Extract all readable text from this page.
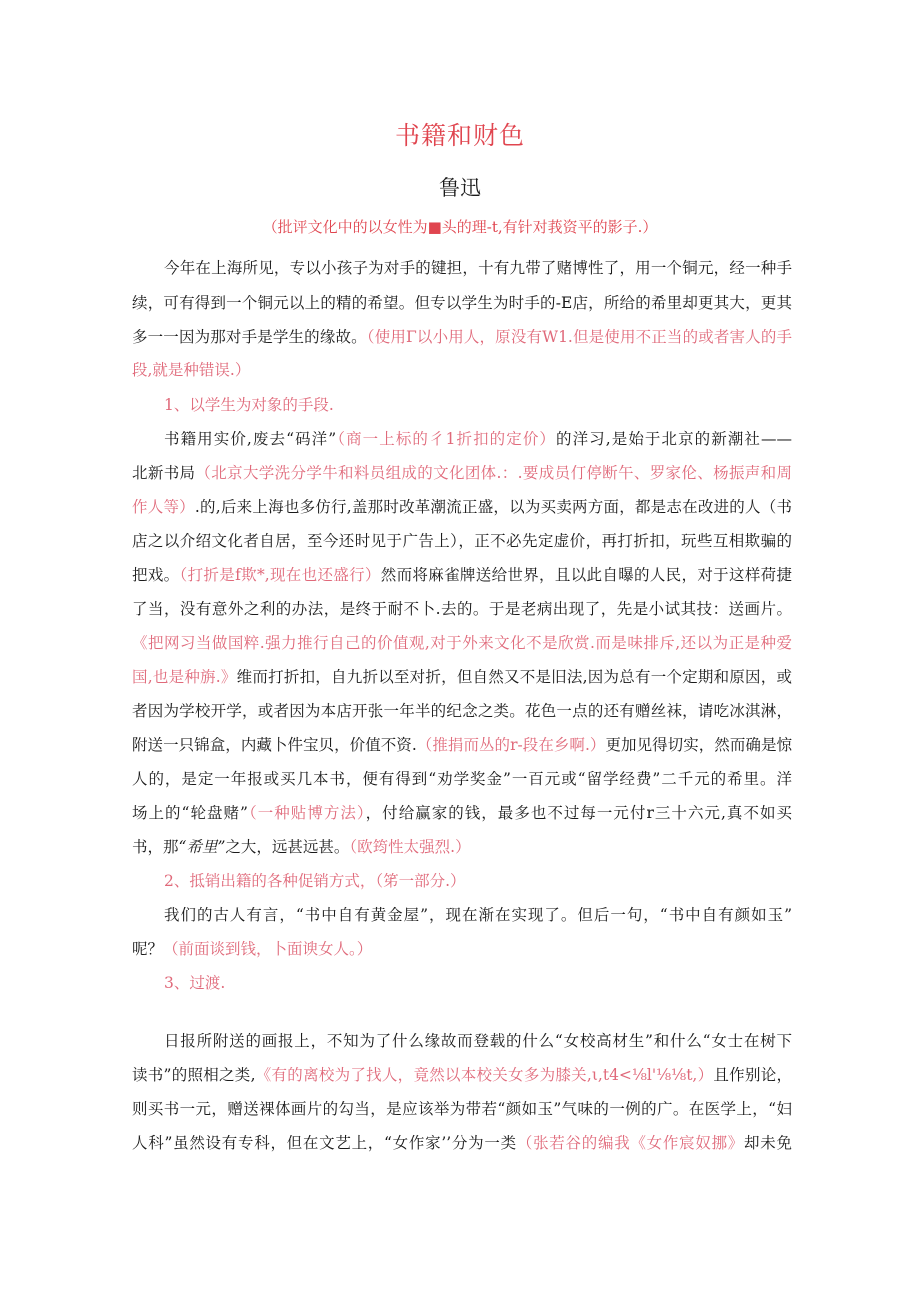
书籍和财色
鲁迅
（批评文化中的以女性为■头的理-t,有针对莪资平的影子.）
今年在上海所见，专以小孩子为对手的键担，十有九带了赌博性了，用一个铜元，经一种手
续，可有得到一个铜元以上的精的希望。但专以学生为时手的-E店，所给的希里却更其大，更其
多一一因为那对手是学生的缘故。（使用Γ以小用人，原没有W1.但是使用不正当的或者害人的手
段,就是种错误.）
1、以学生为对象的手段.
书籍用实价,废去“码洋”（商一上标的彳1折扣的定价）的洋习,是始于北京的新潮社——
北新书局（北京大学洗分学牛和料员组成的文化团体.：.要成员仃停断午、罗家伦、杨振声和周
作人等）.的,后来上海也多仿行,盖那时改革潮流正盛，以为买卖两方面，都是志在改进的人（书
店之以介绍文化者自居，至今还时见于广告上），正不必先定虚价，再打折扣，玩些互相欺骗的
把戏。（打折是f欺*,现在也还盛行）然而将麻雀牌送给世界，且以此自曝的人民，对于这样荷捷
了当，没有意外之利的办法，是终于耐不卜.去的。于是老病出现了，先是小试其技：送画片。
《把网习当做国粹.强力推行自己的价值观,对于外来文化不是欣赏.而是味排斥,还以为正是种爱
国,也是种旃.》维而打折扣，自九折以至对折，但自然又不是旧法,因为总有一个定期和原因，或
者因为学校开学，或者因为本店开张一年半的纪念之类。花色一点的还有赠丝袜，请吃冰淇淋，
附送一只锦盒，内藏卜件宝贝，价值不资.（推捐而丛的r-段在乡啊.）更加见得切实，然而确是惊
人的，是定一年报或买几本书，便有得到“劝学奖金”一百元或“留学经费”二千元的希里。洋
场上的“轮盘赌”（一种贴博方法），付给赢家的钱，最多也不过每一元付r三十六元,真不如买
书，那“希里”之大，远甚远甚。（欧筠性太强烈.）
2、抵销出籍的各种促销方式，（笫一部分.）
我们的古人有言，“书中自有黄金屋”，现在渐在实现了。但后一句，“书中自有颜如玉”
呢？（前面谈到钱，卜面谀女人。）
3、过渡.
日报所附送的画报上，不知为了什么缘故而登载的什么“女校高材生”和什么“女士在树下
读书”的照相之类,《有的离校为了找人，竟然以本校关女多为膝关,ι,t4<⅛l'⅛⅛t,）且作别论，
则买书一元，赠送裸体画片的勾当，是应该举为带若“颜如玉”气味的一例的广。在医学上，“妇
人科”虽然设有专科，但在文艺上，“女作家’’分为一类（张若谷的编我《女作宸奴挪》却未免
